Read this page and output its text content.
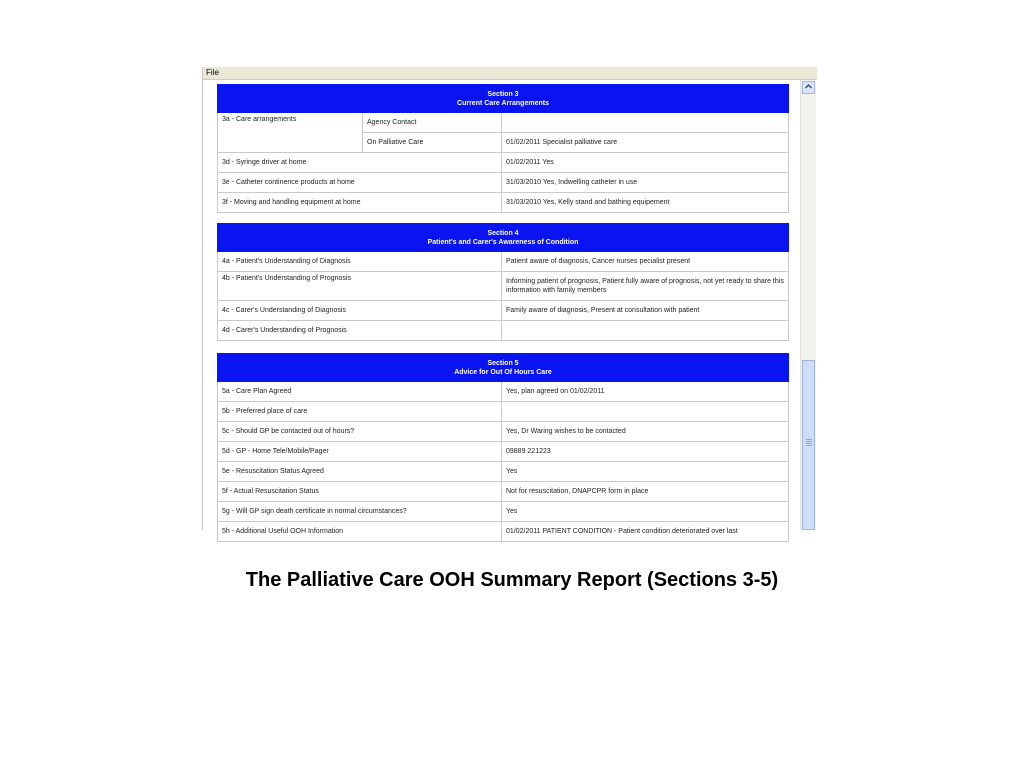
File
Section 3
Current Care Arrangements		

3a - Care arrangements	Agency Contact	
	On Palliative Care	01/02/2011 Specialist palliative care
3d - Syringe driver at home		01/02/2011 Yes
3e - Catheter continence products at home		31/03/2010 Yes, Indwelling catheter in use
3f - Moving and handling equipment at home		31/03/2010 Yes, Kelly stand and bathing equipement
Section 4
Patient's and Carer's Awareness of Condition	

4a - Patient's Understanding of Diagnosis	Patient aware of diagnosis, Cancer nurses pecialist present
4b - Patient's Understanding of Prognosis	Informing patient of prognosis, Patient fully aware of prognosis, not yet ready to share this information with family members
4c - Carer's Understanding of Diagnosis	Family aware of diagnosis, Present at consultation with patient
4d - Carer's Understanding of Prognosis	
Section 5
Advice for Out Of Hours Care	

5a - Care Plan Agreed	Yes, plan agreed on 01/02/2011
5b - Preferred place of care	
5c - Should GP be contacted out of hours?	Yes, Dr Waring wishes to be contacted
5d - GP - Home Tele/Mobile/Pager	09889 221223
5e - Resuscitation Status Agreed	Yes
5f - Actual Resuscitation Status	Not for resuscitation, DNAPCPR form in place
5g - Will GP sign death certificate in normal circumstances?	Yes
5h - Additional Useful OOH Information	01/02/2011 PATIENT CONDITION - Patient condition deteriorated over last
The Palliative Care OOH Summary Report (Sections 3-5)
